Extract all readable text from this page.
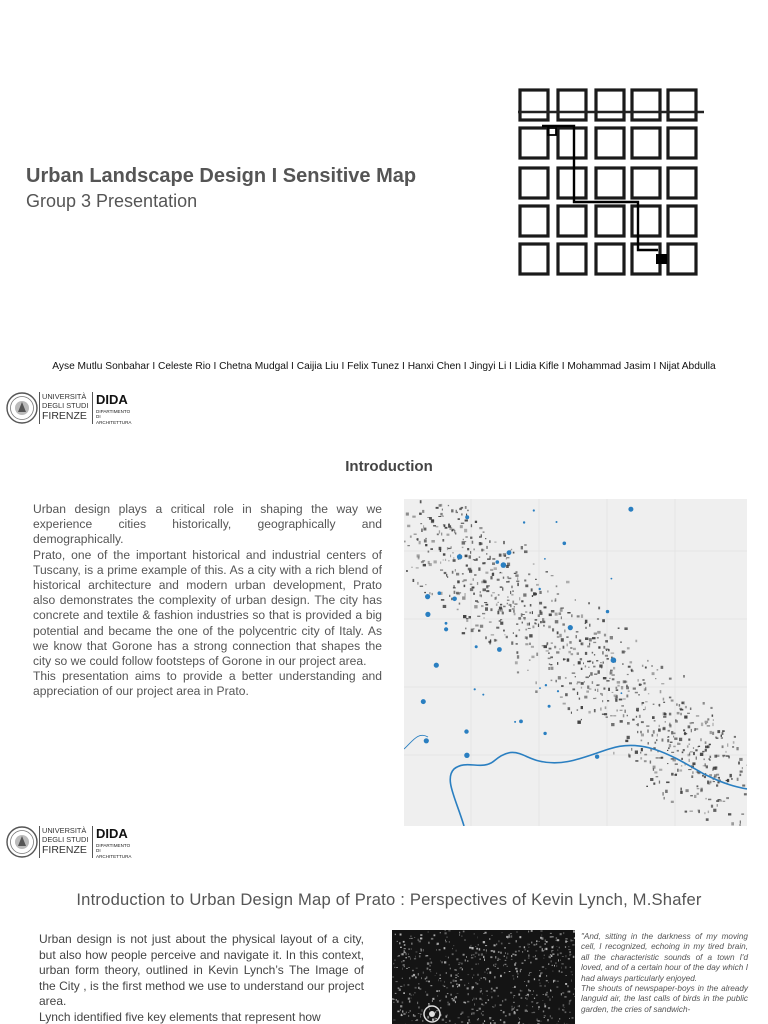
Urban Landscape Design I Sensitive Map
Group 3 Presentation
Ayse Mutlu Sonbahar I Celeste Rio I Chetna Mudgal I Caijia Liu I Felix Tunez I Hanxi Chen I Jingyi Li I Lidia Kifle I Mohammad Jasim I Nijat Abdulla
UNIVERSITÀ
DEGLI STUDI
FIRENZE
DIDA
DIPARTIMENTO
DI ARCHITETTURA
Introduction

Urban design plays a critical role in shaping the way we experience cities historically, geographically and demographically.

Prato, one of the important historical and industrial centers of Tuscany, is a prime example of this. As a city with a rich blend of historical architecture and modern urban development, Prato also demonstrates the complexity of urban design. The city has concrete and textile & fashion industries so that is provided a big potential and became the one of the polycentric city of Italy. As we know that Gorone has a strong connection that shapes the city so we could follow footsteps of Gorone in our project area.

This presentation aims to provide a better understanding and appreciation of our project area in Prato.

UNIVERSITÀ
DEGLI STUDI
FIRENZE
DIDA
DIPARTIMENTO
DI ARCHITETTURA
Introduction to Urban Design Map of Prato : Perspectives of Kevin Lynch, M.Shafer

Urban design is not just about the physical layout of a city, but also how people perceive and navigate it. In this context, urban form theory, outlined in Kevin Lynch’s The Image of the City , is the first method we use to understand our project area.

Lynch identified five key elements that represent how

"And, sitting in the darkness of my moving cell, I recognized, echoing in my tired brain, all the characteristic sounds of a town I'd loved, and of a certain hour of the day which I had always particularly enjoyed.

The shouts of newspaper-boys in the already languid air, the last calls of birds in the public garden, the cries of sandwich-
